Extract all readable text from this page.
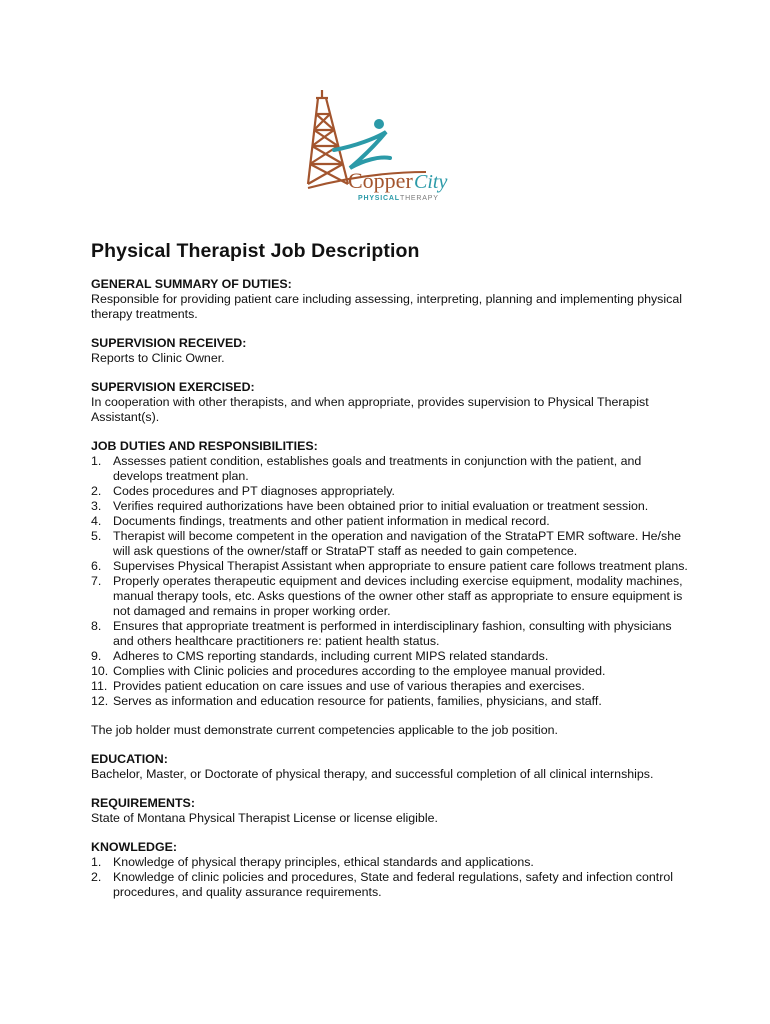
Copper City
PHYSICAL THERAPY
Physical Therapist Job Description
GENERAL SUMMARY OF DUTIES:
Responsible for providing patient care including assessing, interpreting, planning and implementing physical therapy treatments.
SUPERVISION RECEIVED:
Reports to Clinic Owner.
SUPERVISION EXERCISED:
In cooperation with other therapists, and when appropriate, provides supervision to Physical Therapist Assistant(s).
JOB DUTIES AND RESPONSIBILITIES:
1. Assesses patient condition, establishes goals and treatments in conjunction with the patient, and develops treatment plan.
2. Codes procedures and PT diagnoses appropriately.
3. Verifies required authorizations have been obtained prior to initial evaluation or treatment session.
4. Documents findings, treatments and other patient information in medical record.
5. Therapist will become competent in the operation and navigation of the StrataPT EMR software. He/she will ask questions of the owner/staff or StrataPT staff as needed to gain competence.
6. Supervises Physical Therapist Assistant when appropriate to ensure patient care follows treatment plans.
7. Properly operates therapeutic equipment and devices including exercise equipment, modality machines, manual therapy tools, etc. Asks questions of the owner other staff as appropriate to ensure equipment is not damaged and remains in proper working order.
8. Ensures that appropriate treatment is performed in interdisciplinary fashion, consulting with physicians and others healthcare practitioners re: patient health status.
9. Adheres to CMS reporting standards, including current MIPS related standards.
10. Complies with Clinic policies and procedures according to the employee manual provided.
11. Provides patient education on care issues and use of various therapies and exercises.
12. Serves as information and education resource for patients, families, physicians, and staff.
The job holder must demonstrate current competencies applicable to the job position.
EDUCATION:
Bachelor, Master, or Doctorate of physical therapy, and successful completion of all clinical internships.
REQUIREMENTS:
State of Montana Physical Therapist License or license eligible.
KNOWLEDGE:
1. Knowledge of physical therapy principles, ethical standards and applications.
2. Knowledge of clinic policies and procedures, State and federal regulations, safety and infection control procedures, and quality assurance requirements.
